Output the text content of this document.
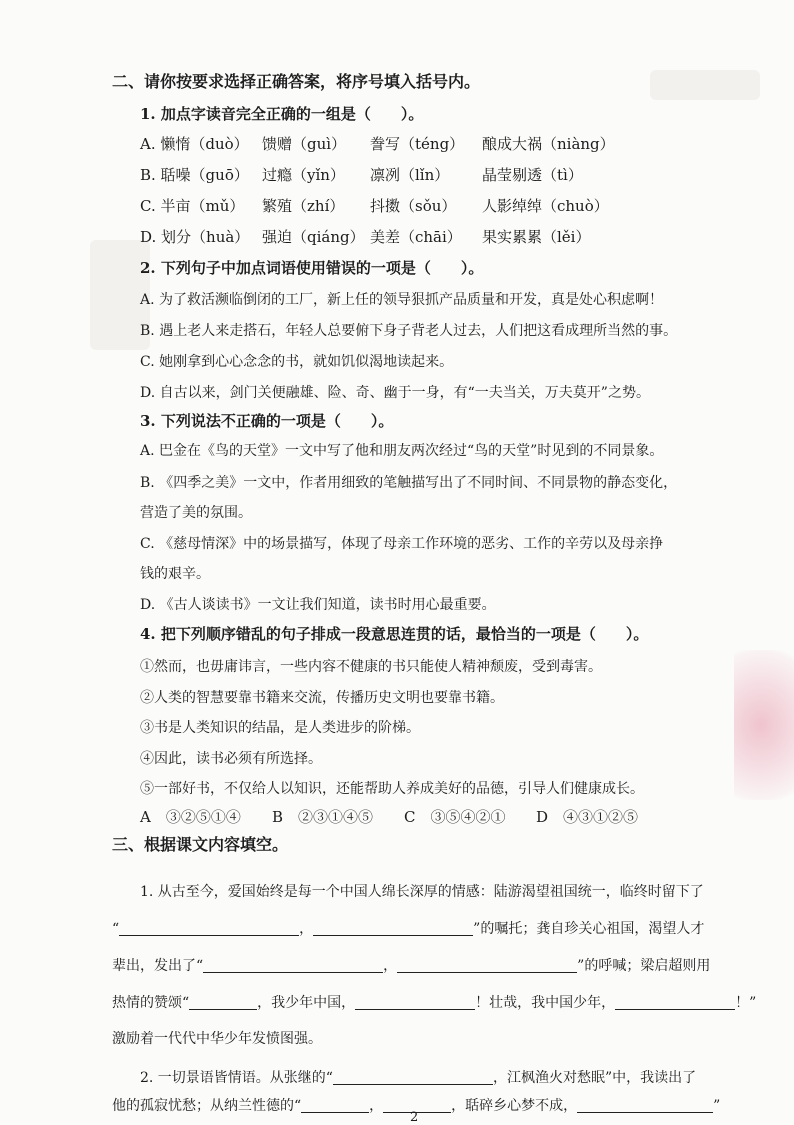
二、请你按要求选择正确答案，将序号填入括号内。
1. 加点字读音完全正确的一组是（　　）。
A. 懒惰（duò） 馈赠（guì）	誊写（téng）	酿成大祸（niàng）
B. 聒噪（guō） 过瘾（yǐn）	凛冽（lǐn）	晶莹剔透（tì）
C. 半亩（mǔ）	繁殖（zhí）	抖擞（sǒu）	人影绰绰（chuò）
D. 划分（huà） 强迫（qiáng） 美差（chāi）	果实累累（lěi）
2. 下列句子中加点词语使用错误的一项是（　　）。
A. 为了救活濒临倒闭的工厂，新上任的领导狠抓产品质量和开发，真是处心积虑啊！
B. 遇上老人来走搭石，年轻人总要俯下身子背老人过去，人们把这看成理所当然的事。
C. 她刚拿到心心念念的书，就如饥似渴地读起来。
D. 自古以来，剑门关便融雄、险、奇、幽于一身，有“一夫当关，万夫莫开”之势。
3. 下列说法不正确的一项是（　　）。
A. 巴金在《鸟的天堂》一文中写了他和朋友两次经过“鸟的天堂”时见到的不同景象。
B. 《四季之美》一文中，作者用细致的笔触描写出了不同时间、不同景物的静态变化，
营造了美的氛围。
C. 《慈母情深》中的场景描写，体现了母亲工作环境的恶劣、工作的辛劳以及母亲挣
钱的艰辛。
D. 《古人谈读书》一文让我们知道，读书时用心最重要。
4. 把下列顺序错乱的句子排成一段意思连贯的话，最恰当的一项是（　　）。
①然而，也毋庸讳言，一些内容不健康的书只能使人精神颓废，受到毒害。
②人类的智慧要靠书籍来交流，传播历史文明也要靠书籍。
③书是人类知识的结晶，是人类进步的阶梯。
④因此，读书必须有所选择。
⑤一部好书，不仅给人以知识，还能帮助人养成美好的品德，引导人们健康成长。
A　③②⑤①④	B　②③①④⑤	C　③⑤④②①	D　④③①②⑤
三、根据课文内容填空。
1. 从古至今，爱国始终是每一个中国人绵长深厚的情感：陆游渴望祖国统一，临终时留下了
“	，	”的嘱托；龚自珍关心祖国，渴望人才
辈出，发出了“	，	”的呼喊；梁启超则用
热情的赞颂“	，我少年中国，	！壮哉，我中国少年，	！”
激励着一代代中华少年发愤图强。
2. 一切景语皆情语。从张继的“	，江枫渔火对愁眠”中，我读出了
他的孤寂忧愁；从纳兰性德的“	，	，聒碎乡心梦不成，	”
2
